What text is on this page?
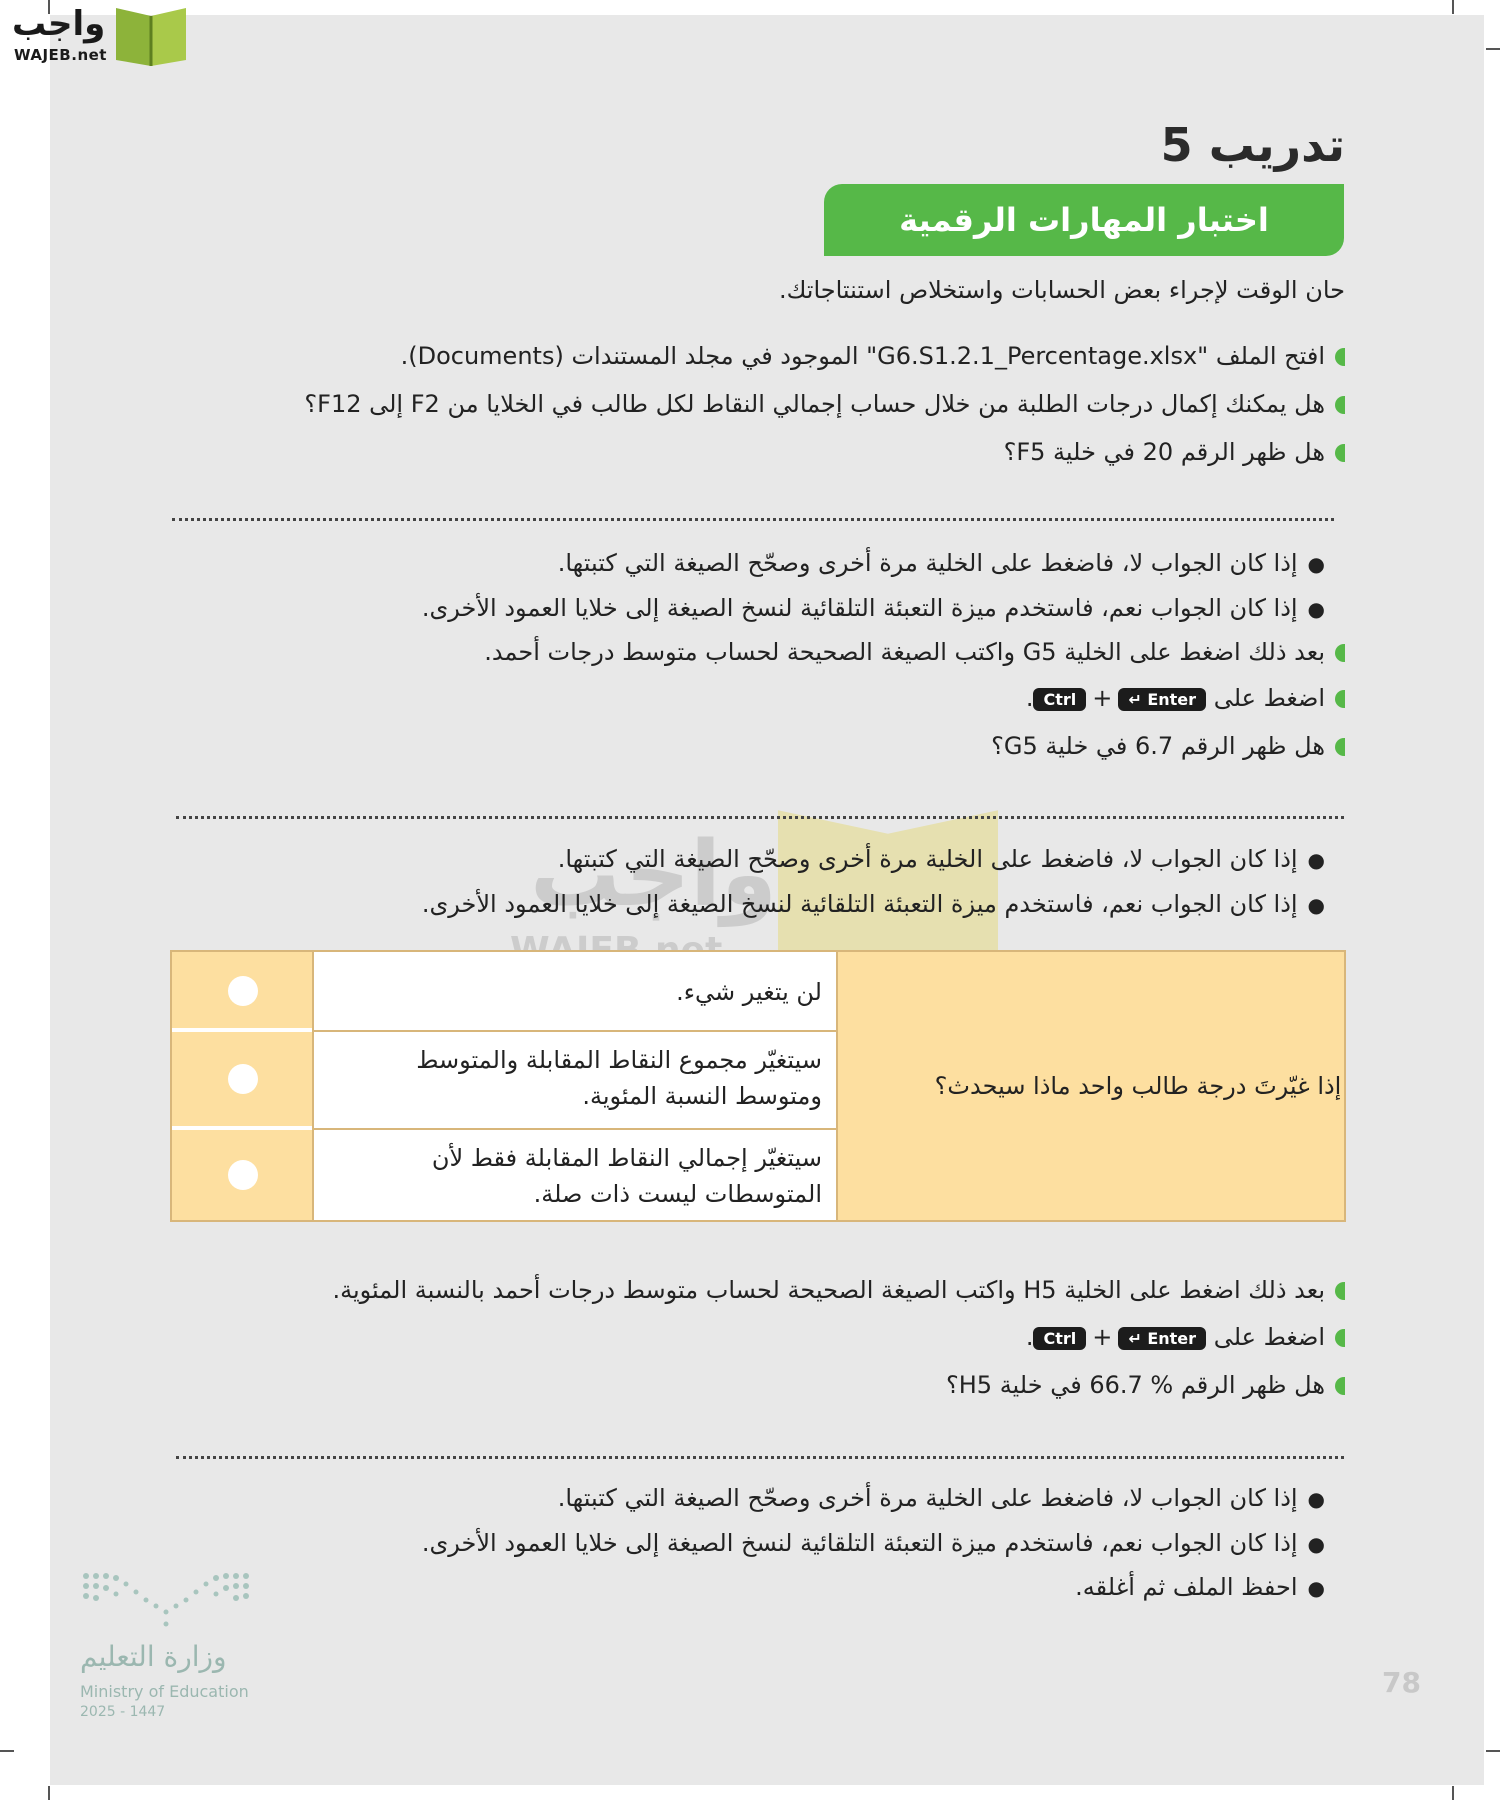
واجب
WAJEB.net
واجب
تدريب 5
اختبار المهارات الرقمية
حان الوقت لإجراء بعض الحسابات واستخلاص استنتاجاتك.
افتح الملف "G6.S1.2.1_Percentage.xlsx" الموجود في مجلد المستندات (Documents).
هل يمكنك إكمال درجات الطلبة من خلال حساب إجمالي النقاط لكل طالب في الخلايا من F2 إلى F12؟
هل ظهر الرقم 20 في خلية F5؟
●إذا كان الجواب لا، فاضغط على الخلية مرة أخرى وصحّح الصيغة التي كتبتها.
●إذا كان الجواب نعم، فاستخدم ميزة التعبئة التلقائية لنسخ الصيغة إلى خلايا العمود الأخرى.
بعد ذلك اضغط على الخلية G5 واكتب الصيغة الصحيحة لحساب متوسط درجات أحمد.
اضغط على Enter ↵+Ctrl.
هل ظهر الرقم 6.7 في خلية G5؟
●إذا كان الجواب لا، فاضغط على الخلية مرة أخرى وصحّح الصيغة التي كتبتها.
●إذا كان الجواب نعم، فاستخدم ميزة التعبئة التلقائية لنسخ الصيغة إلى خلايا العمود الأخرى.
لن يتغير شيء.
سيتغيّر مجموع النقاط المقابلة والمتوسط ومتوسط النسبة المئوية.
سيتغيّر إجمالي النقاط المقابلة فقط لأن المتوسطات ليست ذات صلة.
إذا غيّرتَ درجة طالب واحد ماذا سيحدث؟
بعد ذلك اضغط على الخلية H5 واكتب الصيغة الصحيحة لحساب متوسط درجات أحمد بالنسبة المئوية.
اضغط على Enter ↵+Ctrl.
هل ظهر الرقم % 66.7 في خلية H5؟
●إذا كان الجواب لا، فاضغط على الخلية مرة أخرى وصحّح الصيغة التي كتبتها.
●إذا كان الجواب نعم، فاستخدم ميزة التعبئة التلقائية لنسخ الصيغة إلى خلايا العمود الأخرى.
●احفظ الملف ثم أغلقه.
وزارة التعليم
Ministry of Education
2025 - 1447
78
